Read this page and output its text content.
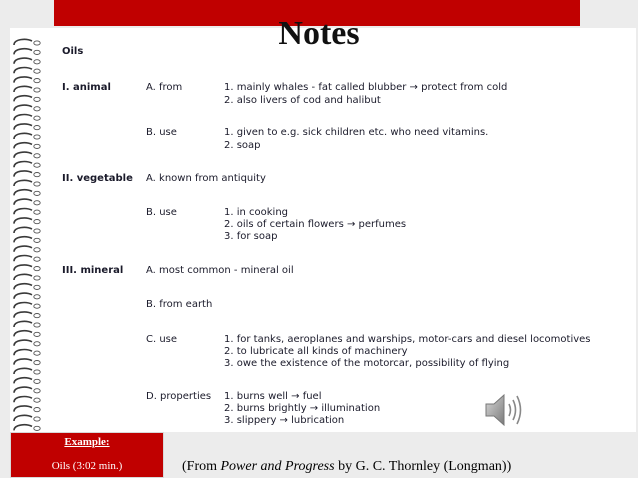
Notes
Oils
I. animal	A. from	1. mainly whales - fat called blubber → protect from cold
2. also livers of cod and halibut
B. use	1. given to e.g. sick children etc. who need vitamins.
2. soap
II. vegetable A. known from antiquity
B. use	1. in cooking
2. oils of certain flowers → perfumes
3. for soap
III. mineral A. most common - mineral oil
B. from earth
C. use	1. for tanks, aeroplanes and warships, motor-cars and diesel locomotives
2. to lubricate all kinds of machinery
3. owe the existence of the motorcar, possibility of flying
D. properties 1. burns well → fuel
2. burns brightly → illumination
3. slippery → lubrication
Example:
Oils (3:02 min.)	(From Power and Progress by G. C. Thornley (Longman))
